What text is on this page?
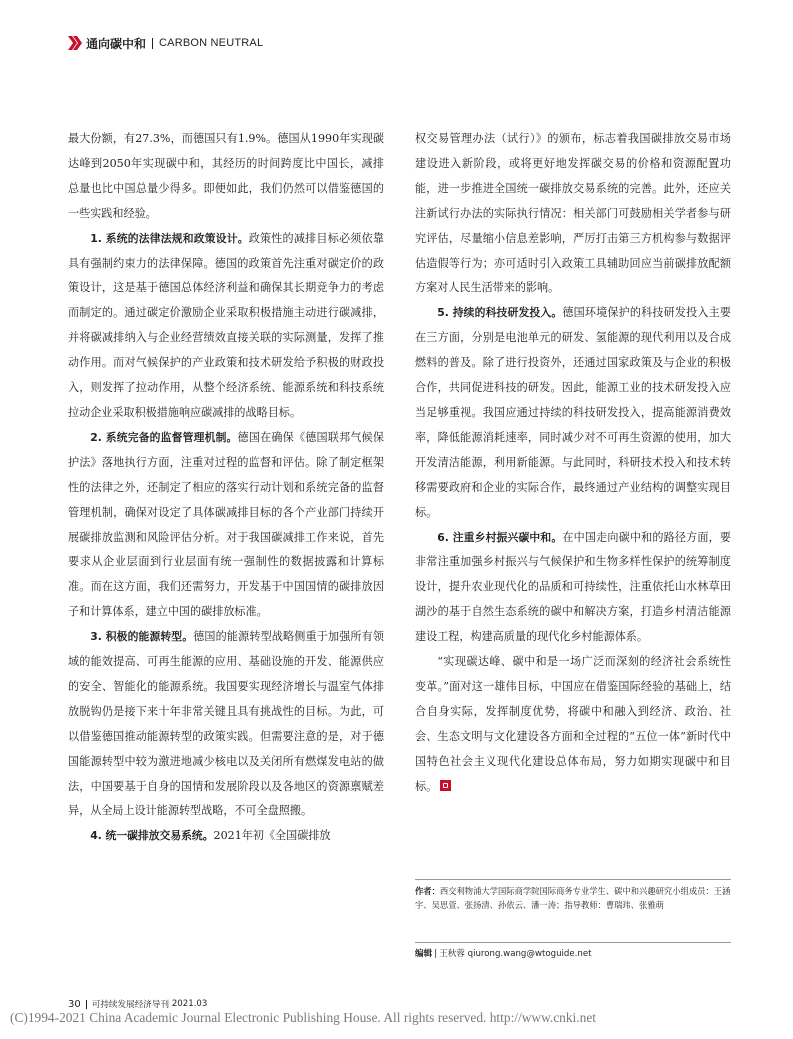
通向碳中和 CARBON NEUTRAL

最大份额，有27.3%，而德国只有1.9%。德国从1990年实现碳达峰到2050年实现碳中和，其经历的时间跨度比中国长，减排总量也比中国总量少得多。即便如此，我们仍然可以借鉴德国的一些实践和经验。

1. 系统的法律法规和政策设计。政策性的减排目标必须依靠具有强制约束力的法律保障。德国的政策首先注重对碳定价的政策设计，这是基于德国总体经济利益和确保其长期竞争力的考虑而制定的。通过碳定价激励企业采取积极措施主动进行碳减排，并将碳减排纳入与企业经营绩效直接关联的实际测量，发挥了推动作用。而对气候保护的产业政策和技术研发给予积极的财政投入，则发挥了拉动作用，从整个经济系统、能源系统和科技系统拉动企业采取积极措施响应碳减排的战略目标。

2. 系统完备的监督管理机制。德国在确保《德国联邦气候保护法》落地执行方面，注重对过程的监督和评估。除了制定框架性的法律之外，还制定了相应的落实行动计划和系统完备的监督管理机制，确保对设定了具体碳减排目标的各个产业部门持续开展碳排放监测和风险评估分析。对于我国碳减排工作来说，首先要求从企业层面到行业层面有统一强制性的数据披露和计算标准。而在这方面，我们还需努力，开发基于中国国情的碳排放因子和计算体系，建立中国的碳排放标准。

3. 积极的能源转型。德国的能源转型战略侧重于加强所有领域的能效提高、可再生能源的应用、基础设施的开发、能源供应的安全、智能化的能源系统。我国要实现经济增长与温室气体排放脱钩仍是接下来十年非常关键且具有挑战性的目标。为此，可以借鉴德国推动能源转型的政策实践。但需要注意的是，对于德国能源转型中较为激进地减少核电以及关闭所有燃煤发电站的做法，中国要基于自身的国情和发展阶段以及各地区的资源禀赋差异，从全局上设计能源转型战略，不可全盘照搬。

4. 统一碳排放交易系统。2021年初《全国碳排放

权交易管理办法（试行）》的颁布，标志着我国碳排放交易市场建设进入新阶段，或将更好地发挥碳交易的价格和资源配置功能，进一步推进全国统一碳排放交易系统的完善。此外，还应关注新试行办法的实际执行情况：相关部门可鼓励相关学者参与研究评估，尽量缩小信息差影响，严厉打击第三方机构参与数据评估造假等行为；亦可适时引入政策工具辅助回应当前碳排放配额方案对人民生活带来的影响。

5. 持续的科技研发投入。德国环境保护的科技研发投入主要在三方面，分别是电池单元的研发、氢能源的现代利用以及合成燃料的普及。除了进行投资外，还通过国家政策及与企业的积极合作，共同促进科技的研发。因此，能源工业的技术研发投入应当足够重视。我国应通过持续的科技研发投入，提高能源消费效率，降低能源消耗速率，同时减少对不可再生资源的使用，加大开发清洁能源，利用新能源。与此同时，科研技术投入和技术转移需要政府和企业的实际合作，最终通过产业结构的调整实现目标。

6. 注重乡村振兴碳中和。在中国走向碳中和的路径方面，要非常注重加强乡村振兴与气候保护和生物多样性保护的统筹制度设计，提升农业现代化的品质和可持续性，注重依托山水林草田湖沙的基于自然生态系统的碳中和解决方案，打造乡村清洁能源建设工程，构建高质量的现代化乡村能源体系。

“实现碳达峰、碳中和是一场广泛而深刻的经济社会系统性变革。”面对这一雄伟目标，中国应在借鉴国际经验的基础上，结合自身实际，发挥制度优势，将碳中和融入到经济、政治、社会、生态文明与文化建设各方面和全过程的“五位一体”新时代中国特色社会主义现代化建设总体布局，努力如期实现碳中和目标。

作者：西交利物浦大学国际商学院国际商务专业学生、碳中和兴趣研究小组成员：王涵宇、吴思萱、张扬清、孙依云、潘一涛；指导教师：曹瑞玮、张雅萌
编辑 | 王秋蓉 qiurong.wang@wtoguide.net
30 可持续发展经济导刊
2021.03
(C)1994-2021 China Academic Journal Electronic Publishing House. All rights reserved. http://www.cnki.net
